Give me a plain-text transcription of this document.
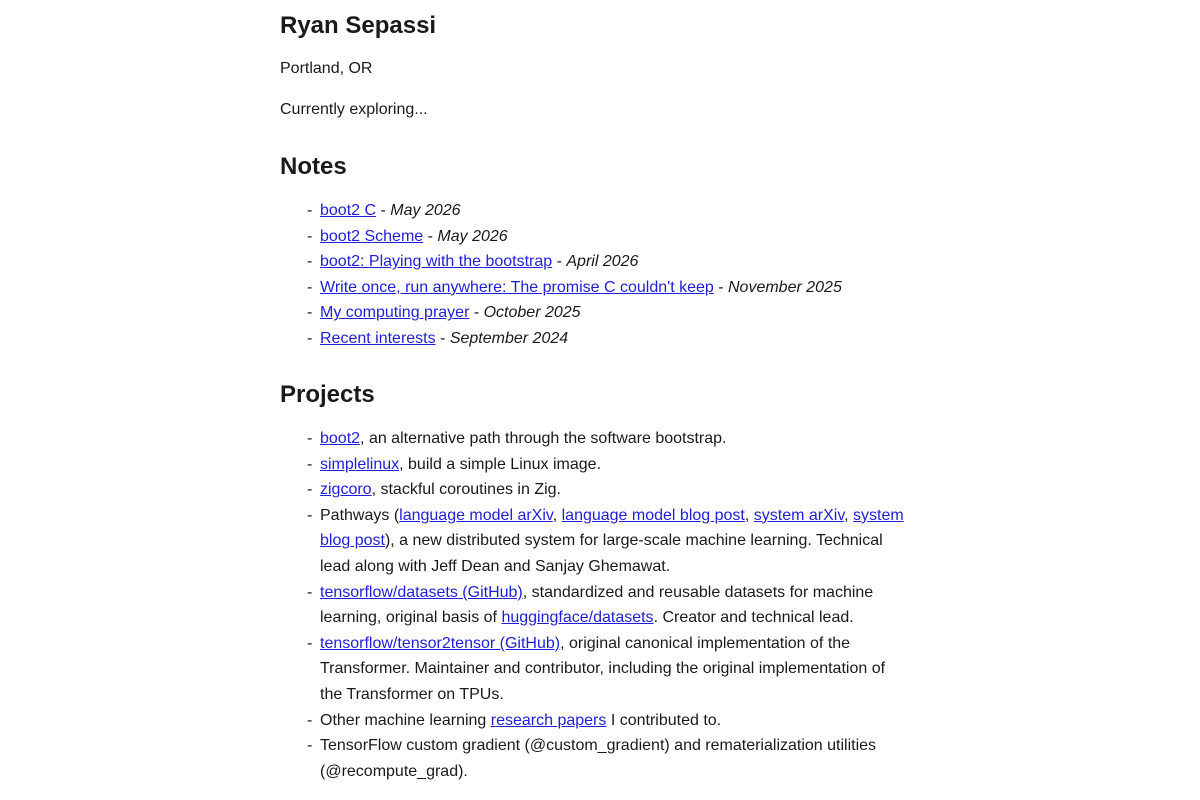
Ryan Sepassi
Portland, OR
Currently exploring...
Notes
- boot2 C - May 2026
- boot2 Scheme - May 2026
- boot2: Playing with the bootstrap - April 2026
- Write once, run anywhere: The promise C couldn't keep - November 2025
- My computing prayer - October 2025
- Recent interests - September 2024
Projects
- boot2, an alternative path through the software bootstrap.
- simplelinux, build a simple Linux image.
- zigcoro, stackful coroutines in Zig.
- Pathways (language model arXiv, language model blog post, system arXiv, system blog post), a new distributed system for large-scale machine learning. Technical lead along with Jeff Dean and Sanjay Ghemawat.
- tensorflow/datasets (GitHub), standardized and reusable datasets for machine learning, original basis of huggingface/datasets. Creator and technical lead.
- tensorflow/tensor2tensor (GitHub), original canonical implementation of the Transformer. Maintainer and contributor, including the original implementation of the Transformer on TPUs.
- Other machine learning research papers I contributed to.
- TensorFlow custom gradient (@custom_gradient) and rematerialization utilities (@recompute_grad).
